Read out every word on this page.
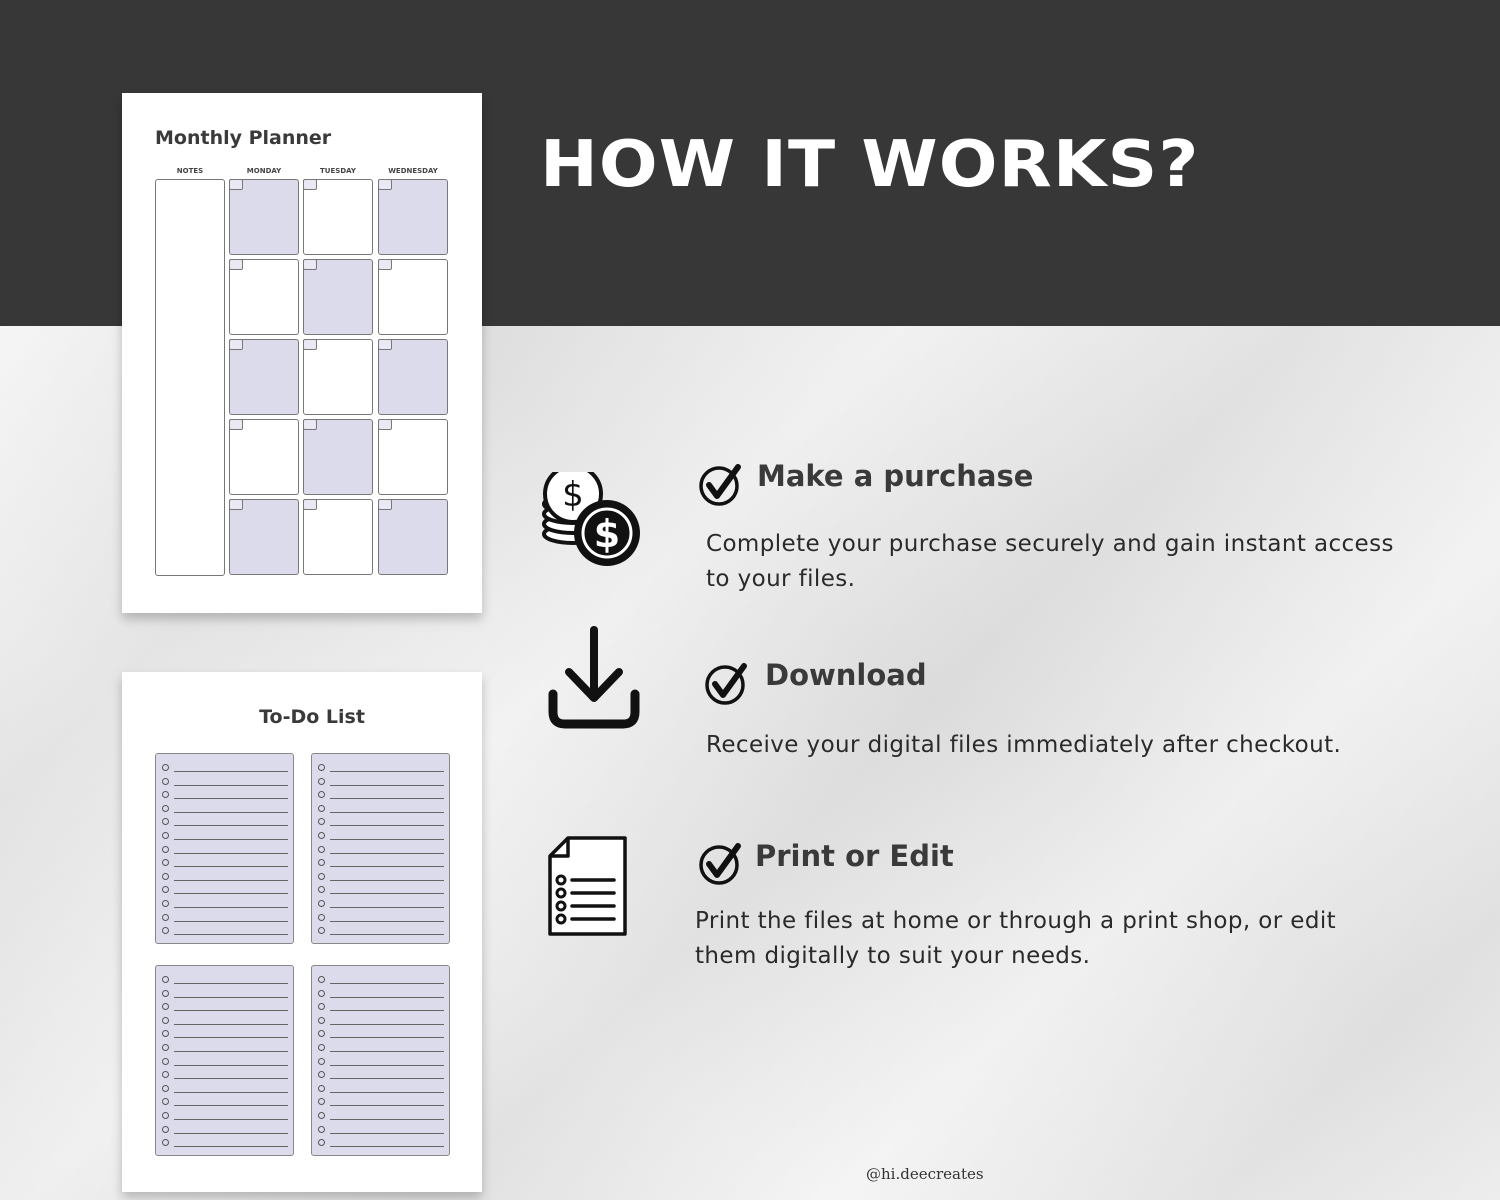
HOW IT WORKS?
Monthly Planner
NOTES	MONDAY	TUESDAY	WEDNESDAY
To-Do List
$
$
Make a purchase
Complete your purchase securely and gain instant access to your files.
Download
Receive your digital files immediately after checkout.
Print or Edit
Print the files at home or through a print shop, or edit them digitally to suit your needs.
@hi.deecreates
